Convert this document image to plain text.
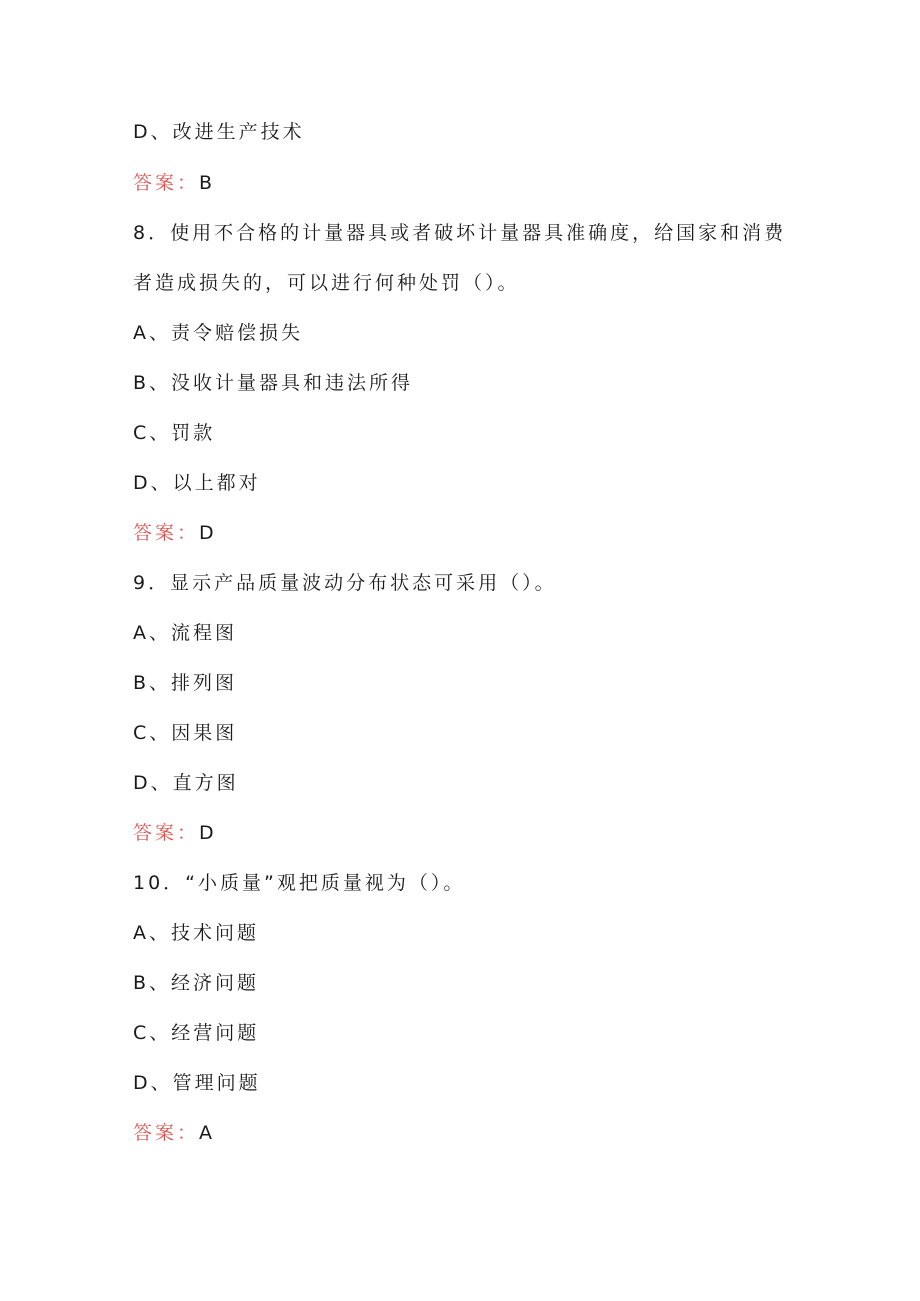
D、改进生产技术
答案：B
8．使用不合格的计量器具或者破坏计量器具准确度，给国家和消费
者造成损失的，可以进行何种处罚（）。
A、责令赔偿损失
B、没收计量器具和违法所得
C、罚款
D、以上都对
答案：D
9．显示产品质量波动分布状态可采用（）。
A、流程图
B、排列图
C、因果图
D、直方图
答案：D
10．“小质量”观把质量视为（）。
A、技术问题
B、经济问题
C、经营问题
D、管理问题
答案：A
